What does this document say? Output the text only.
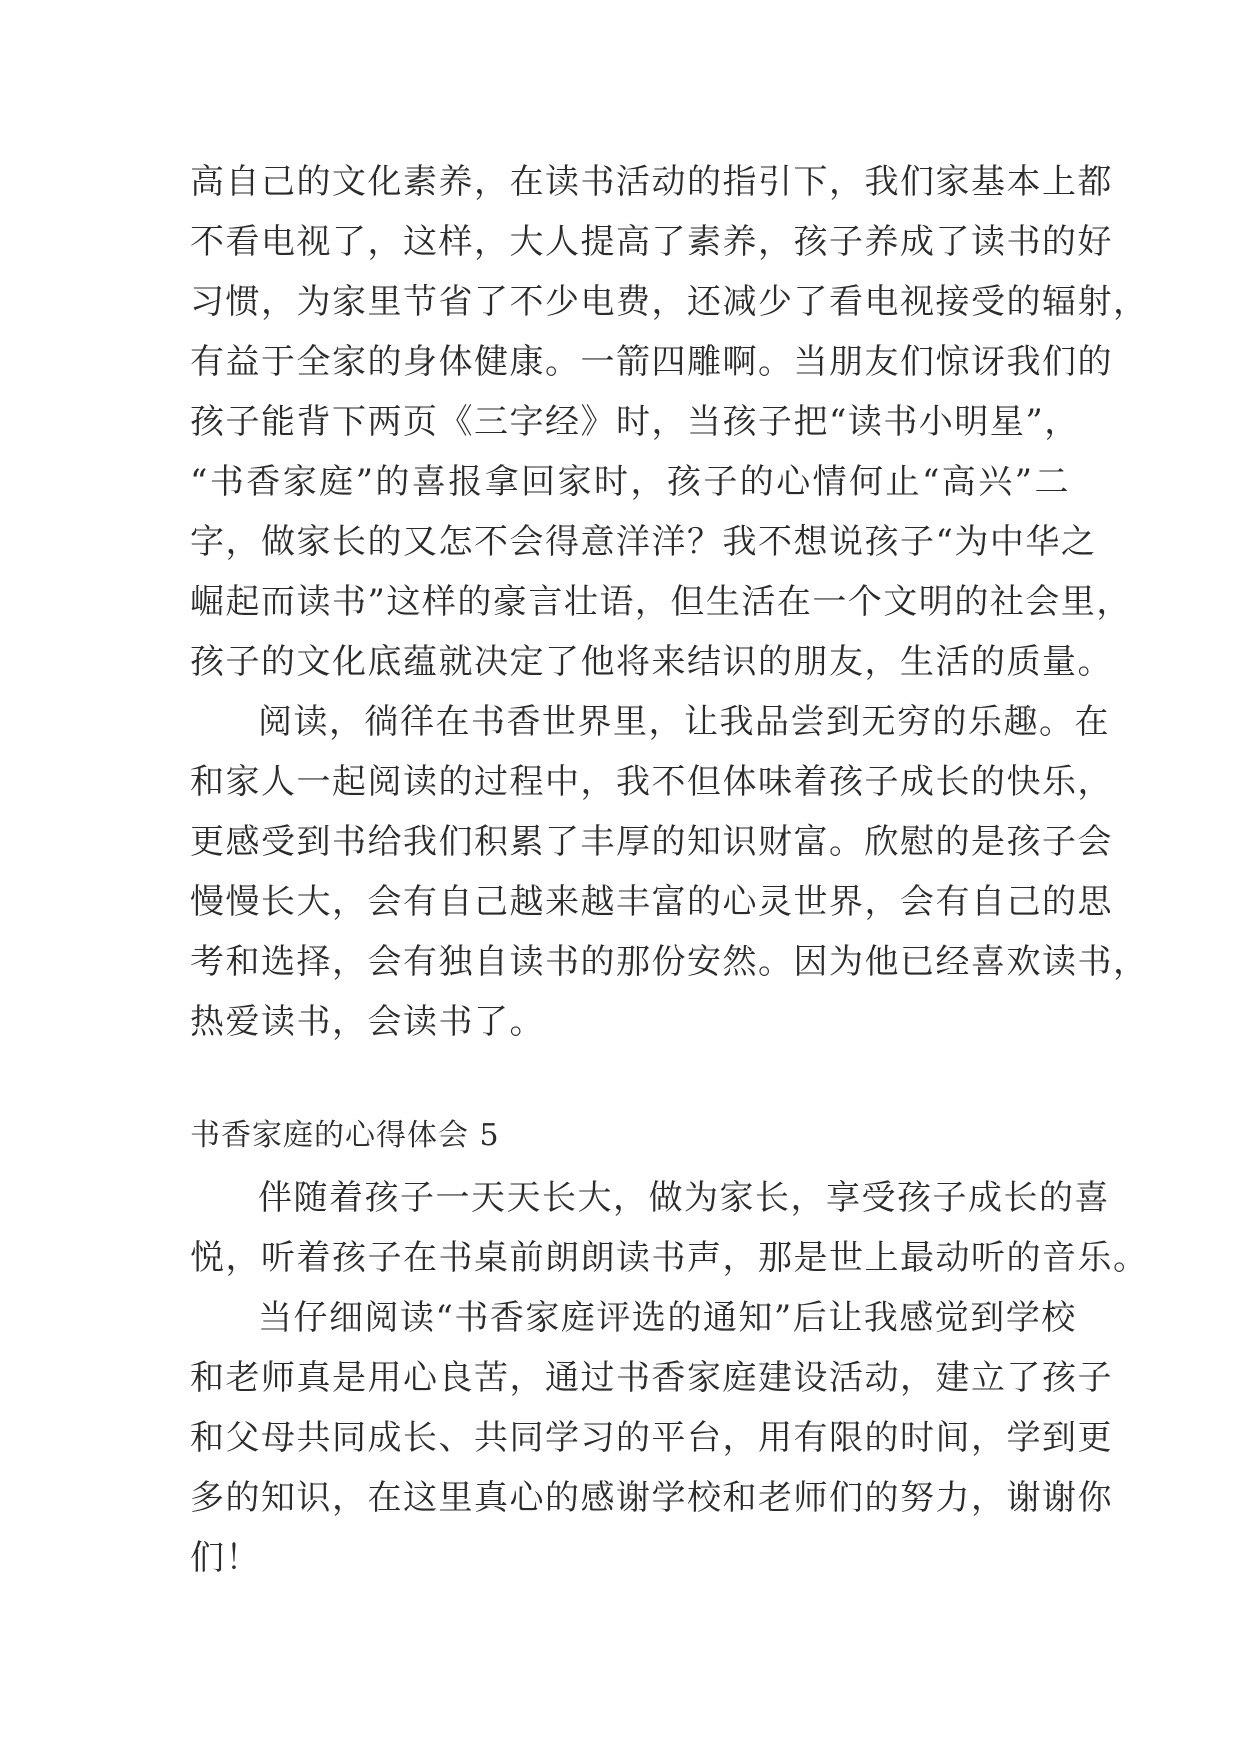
高自己的文化素养，在读书活动的指引下，我们家基本上都
不看电视了，这样，大人提高了素养，孩子养成了读书的好
习惯，为家里节省了不少电费，还减少了看电视接受的辐射，
有益于全家的身体健康。一箭四雕啊。当朋友们惊讶我们的
孩子能背下两页《三字经》时，当孩子把“读书小明星”，
“书香家庭”的喜报拿回家时，孩子的心情何止“高兴”二
字，做家长的又怎不会得意洋洋？我不想说孩子“为中华之
崛起而读书”这样的豪言壮语，但生活在一个文明的社会里，
孩子的文化底蕴就决定了他将来结识的朋友，生活的质量。
阅读，徜徉在书香世界里，让我品尝到无穷的乐趣。在
和家人一起阅读的过程中，我不但体味着孩子成长的快乐，
更感受到书给我们积累了丰厚的知识财富。欣慰的是孩子会
慢慢长大，会有自己越来越丰富的心灵世界，会有自己的思
考和选择，会有独自读书的那份安然。因为他已经喜欢读书，
热爱读书，会读书了。
书香家庭的心得体会 5
伴随着孩子一天天长大，做为家长，享受孩子成长的喜
悦，听着孩子在书桌前朗朗读书声，那是世上最动听的音乐。
当仔细阅读“书香家庭评选的通知”后让我感觉到学校
和老师真是用心良苦，通过书香家庭建设活动，建立了孩子
和父母共同成长、共同学习的平台，用有限的时间，学到更
多的知识，在这里真心的感谢学校和老师们的努力，谢谢你
们！
